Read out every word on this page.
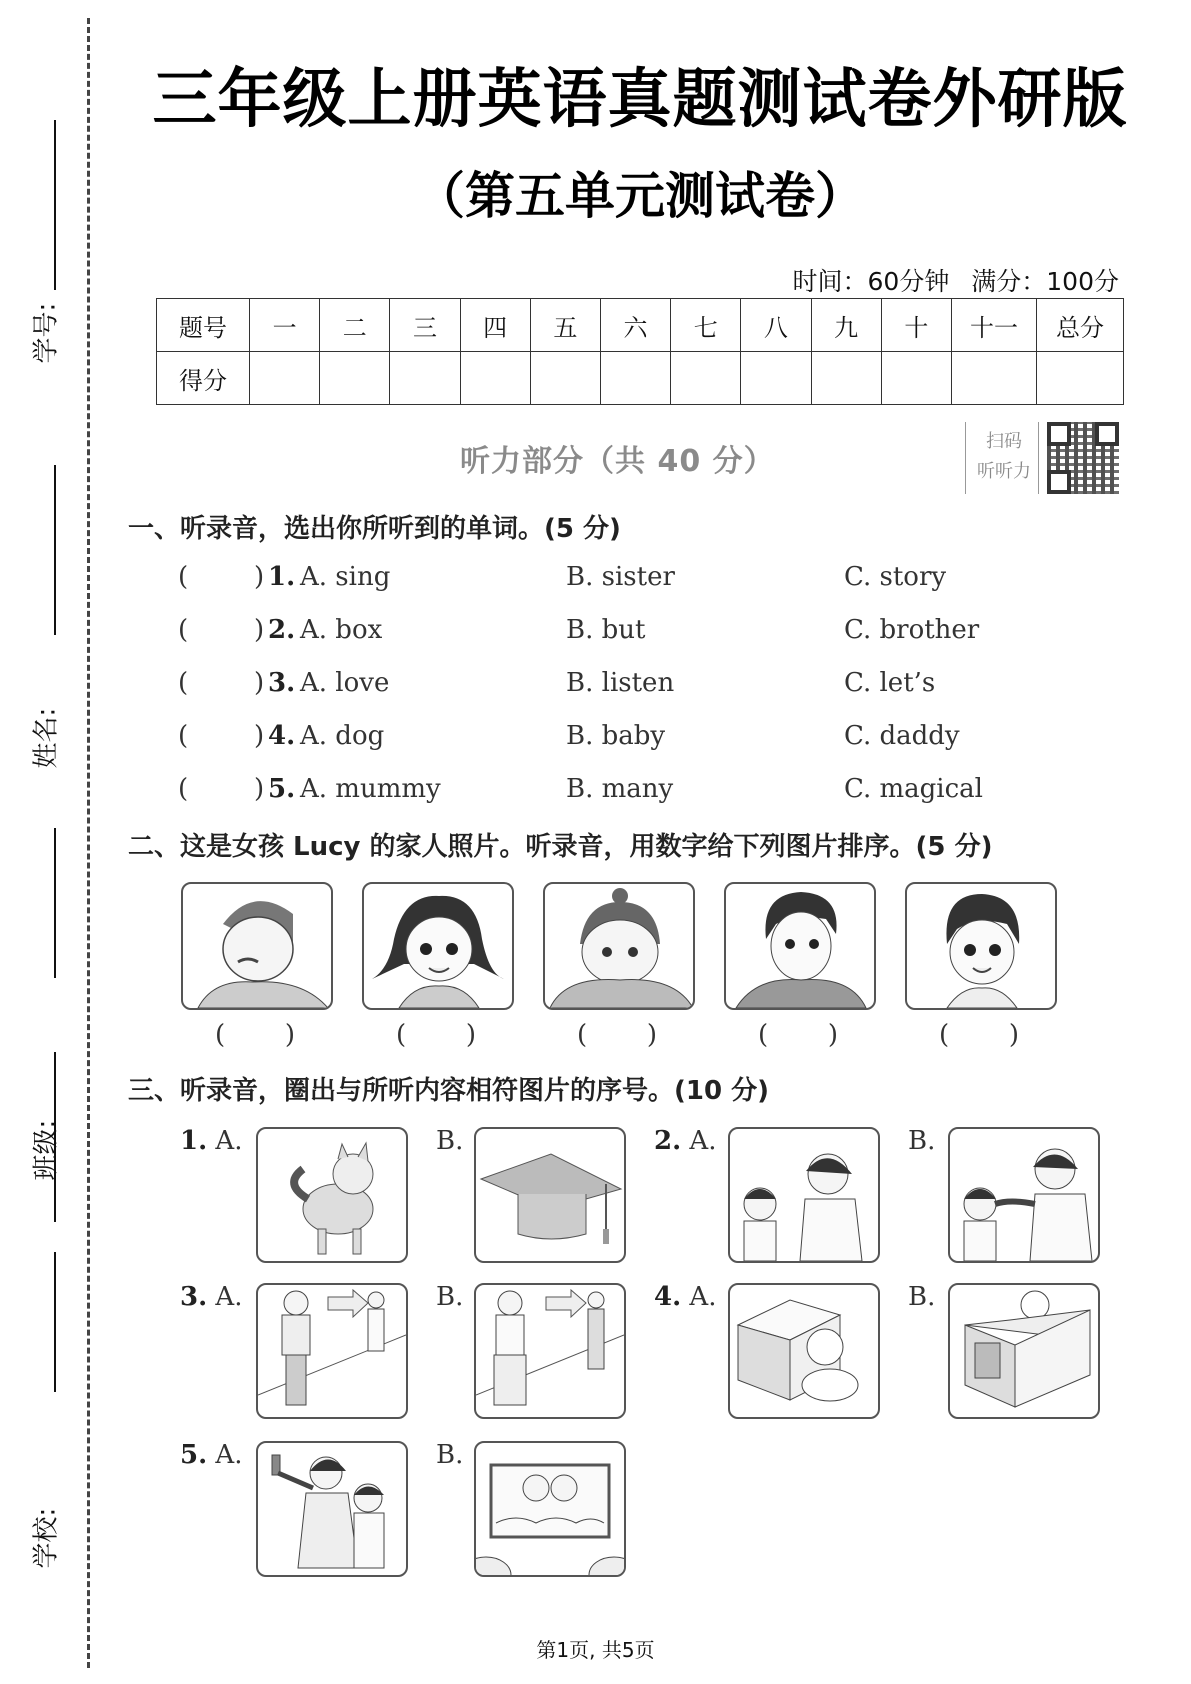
学号:
姓名:
班级:
学校:
三年级上册英语真题测试卷外研版
（第五单元测试卷）
时间：60分钟 满分：100分
题号	一	二	三	四	五	六	七	八	九	十	十一	总分
得分												
听力部分（共 40 分）
扫码
听听力
一、听录音，选出你所听到的单词。(5 分)
(	) 1. A. sing	B. sister	C. story
(	) 2. A. box	B. but	C. brother
(	) 3. A. love	B. listen	C. let’s
(	) 4. A. dog	B. baby	C. daddy
(	) 5. A. mummy	B. many	C. magical
二、这是女孩 Lucy 的家人照片。听录音，用数字给下列图片排序。(5 分)
( )	( )	( )	( )	( )
三、听录音，圈出与所听内容相符图片的序号。(10 分)
1. A.	B.	2. A.	B.
3. A.	B.	4. A.	B.
5. A.	B.
第1页, 共5页
